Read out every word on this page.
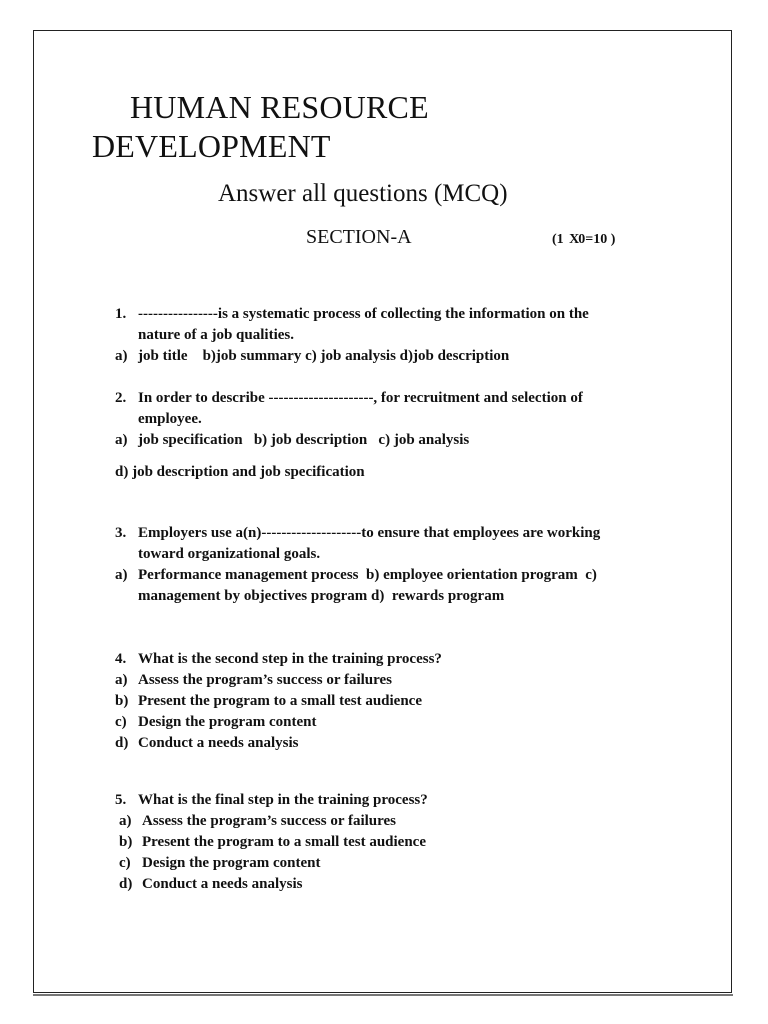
HUMAN RESOURCE
DEVELOPMENT
Answer all questions (MCQ)
SECTION-A	(1 X0=10 )
1. ----------------is a systematic process of collecting the information on the
nature of a job qualities.
a) job title    b)job summary c) job analysis d)job description
2. In order to describe ---------------------, for recruitment and selection of
employee.
a) job specification   b) job description   c) job analysis
d) job description and job specification
3. Employers use a(n)--------------------to ensure that employees are working
toward organizational goals.
a) Performance management process  b) employee orientation program  c)
management by objectives program d)  rewards program
4. What is the second step in the training process?
a) Assess the program’s success or failures
b) Present the program to a small test audience
c) Design the program content
d) Conduct a needs analysis
5. What is the final step in the training process?
a) Assess the program’s success or failures
b) Present the program to a small test audience
c) Design the program content
d) Conduct a needs analysis
